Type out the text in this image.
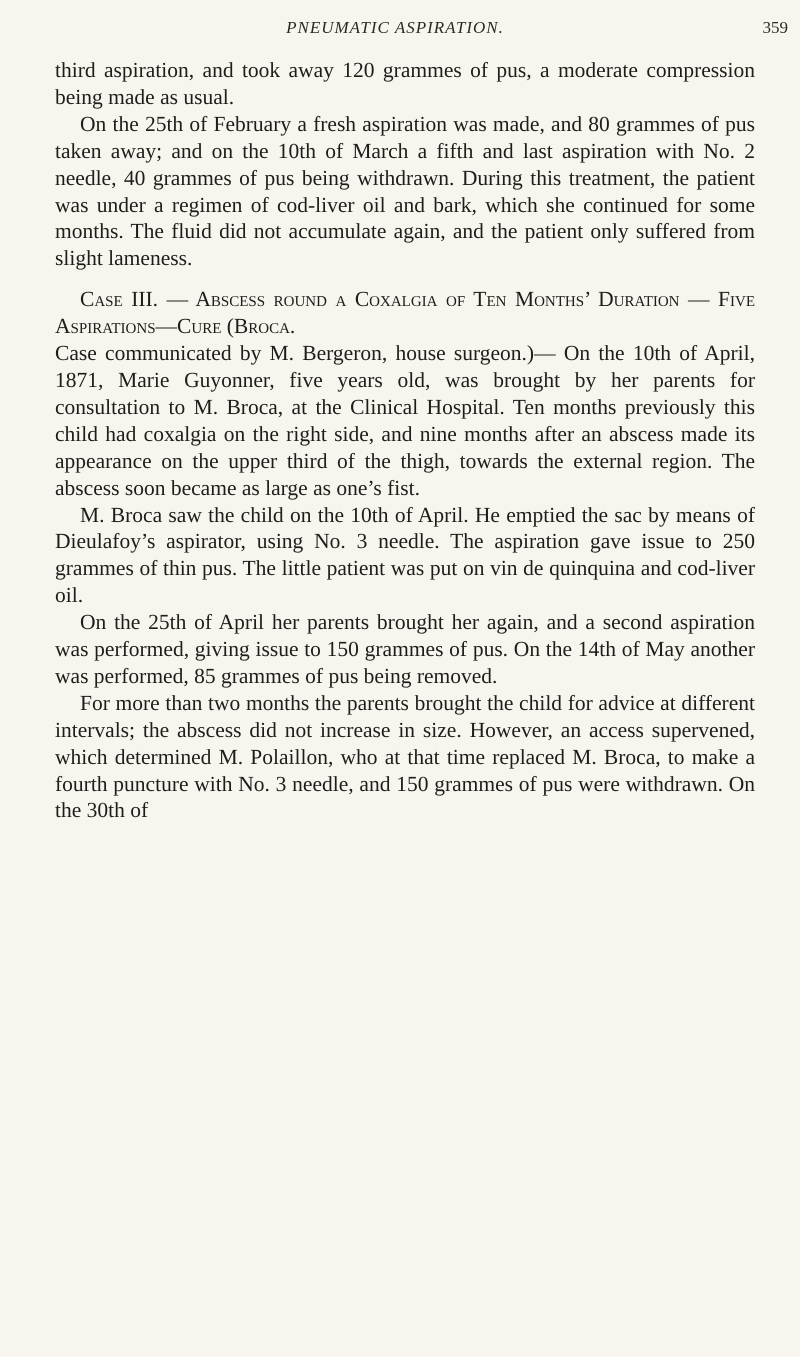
PNEUMATIC ASPIRATION.	359

third aspiration, and took away 120 grammes of pus, a moderate compression being made as usual.

On the 25th of February a fresh aspiration was made, and 80 grammes of pus taken away; and on the 10th of March a fifth and last aspiration with No. 2 needle, 40 grammes of pus being withdrawn. During this treatment, the patient was under a regimen of cod-liver oil and bark, which she continued for some months. The fluid did not accumulate again, and the patient only suffered from slight lameness.

Case III. — Abscess round a Coxalgia of Ten Months’ Duration — Five Aspirations—Cure (Broca.

Case communicated by M. Bergeron, house surgeon.)— On the 10th of April, 1871, Marie Guyonner, five years old, was brought by her parents for consultation to M. Broca, at the Clinical Hospital. Ten months previously this child had coxalgia on the right side, and nine months after an abscess made its appearance on the upper third of the thigh, towards the external region. The abscess soon became as large as one’s fist.

M. Broca saw the child on the 10th of April. He emptied the sac by means of Dieulafoy’s aspirator, using No. 3 needle. The aspiration gave issue to 250 grammes of thin pus. The little patient was put on vin de quinquina and cod-liver oil.

On the 25th of April her parents brought her again, and a second aspiration was performed, giving issue to 150 grammes of pus. On the 14th of May another was performed, 85 grammes of pus being removed.

For more than two months the parents brought the child for advice at different intervals; the abscess did not increase in size. However, an access supervened, which determined M. Polaillon, who at that time replaced M. Broca, to make a fourth puncture with No. 3 needle, and 150 grammes of pus were withdrawn. On the 30th of
